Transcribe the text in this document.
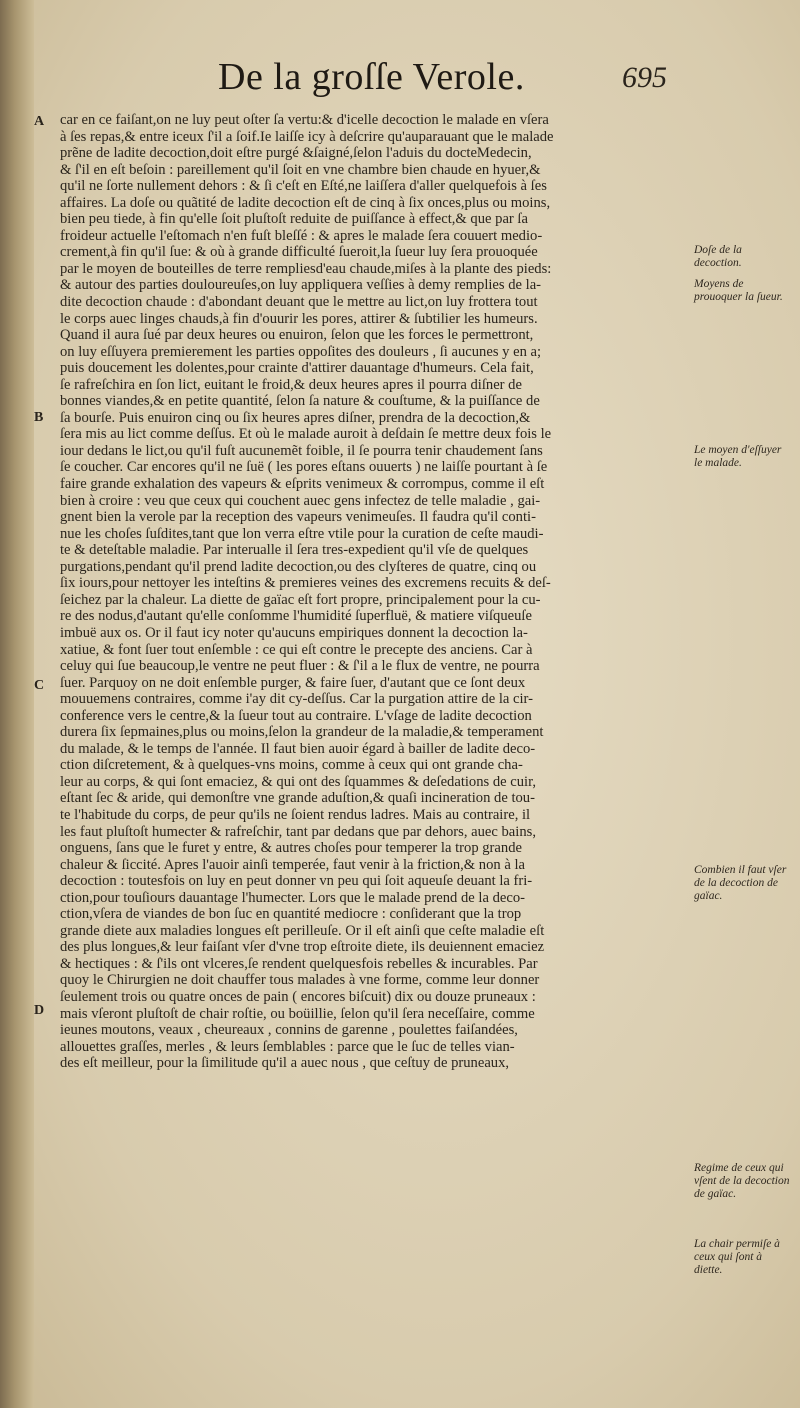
De la groſſe Verole.	695
A
B
C
D
car en ce faiſant,on ne luy peut oſter ſa vertu:& d'icelle decoction le malade en vſera
à ſes repas,& entre iceux ſ'il a ſoif.Ie laiſſe icy à deſcrire qu'auparauant que le malade
prẽne de ladite decoction,doit eſtre purgé &ſaigné,ſelon l'aduis du docteMedecin,
& ſ'il en eſt beſoin : pareillement qu'il ſoit en vne chambre bien chaude en hyuer,&
qu'il ne ſorte nullement dehors : & ſi c'eſt en Eſté,ne laiſſera d'aller quelquefois à ſes
affaires. La doſe ou quãtité de ladite decoction eſt de cinq à ſix onces,plus ou moins,
bien peu tiede, à fin qu'elle ſoit pluſtoſt reduite de puiſſance à effect,& que par ſa
froideur actuelle l'eſtomach n'en fuſt bleſſé : & apres le malade ſera couuert medio-
crement,à fin qu'il ſue: & où à grande difficulté ſueroit,la ſueur luy ſera prouoquée
par le moyen de bouteilles de terre rempliesd'eau chaude,miſes à la plante des pieds:
& autour des parties douloureuſes,on luy appliquera veſſies à demy remplies de la-
dite decoction chaude : d'abondant deuant que le mettre au lict,on luy frottera tout
le corps auec linges chauds,à fin d'ouurir les pores, attirer & ſubtilier les humeurs.
Quand il aura ſué par deux heures ou enuiron, ſelon que les forces le permettront,
on luy eſſuyera premierement les parties oppoſites des douleurs , ſi aucunes y en a;
puis doucement les dolentes,pour crainte d'attirer dauantage d'humeurs. Cela fait,
ſe rafreſchira en ſon lict, euitant le froid,& deux heures apres il pourra diſner de
bonnes viandes,& en petite quantité, ſelon ſa nature & couſtume, & la puiſſance de
ſa bourſe. Puis enuiron cinq ou ſix heures apres diſner, prendra de la decoction,&
ſera mis au lict comme deſſus. Et où le malade auroit à deſdain ſe mettre deux fois le
iour dedans le lict,ou qu'il fuſt aucunemẽt foible, il ſe pourra tenir chaudement ſans
ſe coucher. Car encores qu'il ne ſuë ( les pores eſtans ouuerts ) ne laiſſe pourtant à ſe
faire grande exhalation des vapeurs & eſprits venimeux & corrompus, comme il eſt
bien à croire : veu que ceux qui couchent auec gens infectez de telle maladie , gai-
gnent bien la verole par la reception des vapeurs venimeuſes. Il faudra qu'il conti-
nue les choſes ſuſdites,tant que lon verra eſtre vtile pour la curation de ceſte maudi-
te & deteſtable maladie. Par interualle il ſera tres-expedient qu'il vſe de quelques
purgations,pendant qu'il prend ladite decoction,ou des clyſteres de quatre, cinq ou
ſix iours,pour nettoyer les inteſtins & premieres veines des excremens recuits & deſ-
ſeichez par la chaleur. La diette de gaïac eſt fort propre, principalement pour la cu-
re des nodus,d'autant qu'elle conſomme l'humidité ſuperfluë, & matiere viſqueuſe
imbuë aux os. Or il faut icy noter qu'aucuns empiriques donnent la decoction la-
xatiue, & font ſuer tout enſemble : ce qui eſt contre le precepte des anciens. Car à
celuy qui ſue beaucoup,le ventre ne peut fluer : & ſ'il a le flux de ventre, ne pourra
ſuer. Parquoy on ne doit enſemble purger, & faire ſuer, d'autant que ce ſont deux
mouuemens contraires, comme i'ay dit cy-deſſus. Car la purgation attire de la cir-
conference vers le centre,& la ſueur tout au contraire. L'vſage de ladite decoction
durera ſix ſepmaines,plus ou moins,ſelon la grandeur de la maladie,& temperament
du malade, & le temps de l'année. Il faut bien auoir égard à bailler de ladite deco-
ction diſcretement, & à quelques-vns moins, comme à ceux qui ont grande cha-
leur au corps, & qui ſont emaciez, & qui ont des ſquammes & deſedations de cuir,
eſtant ſec & aride, qui demonſtre vne grande aduſtion,& quaſi incineration de tou-
te l'habitude du corps, de peur qu'ils ne ſoient rendus ladres. Mais au contraire, il
les faut pluſtoſt humecter & rafreſchir, tant par dedans que par dehors, auec bains,
onguens, ſans que le furet y entre, & autres choſes pour temperer la trop grande
chaleur & ſiccité. Apres l'auoir ainſi temperée, faut venir à la friction,& non à la
decoction : toutesfois on luy en peut donner vn peu qui ſoit aqueuſe deuant la fri-
ction,pour touſiours dauantage l'humecter. Lors que le malade prend de la deco-
ction,vſera de viandes de bon ſuc en quantité mediocre : conſiderant que la trop
grande diete aux maladies longues eſt perilleuſe. Or il eſt ainſi que ceſte maladie eſt
des plus longues,& leur faiſant vſer d'vne trop eſtroite diete, ils deuiennent emaciez
& hectiques : & ſ'ils ont vlceres,ſe rendent quelquesfois rebelles & incurables. Par
quoy le Chirurgien ne doit chauffer tous malades à vne forme, comme leur donner
ſeulement trois ou quatre onces de pain ( encores biſcuit) dix ou douze pruneaux :
mais vſeront pluſtoſt de chair roſtie, ou boüillie, ſelon qu'il ſera neceſſaire, comme
ieunes moutons, veaux , cheureaux , connins de garenne , poulettes faiſandées,
allouettes graſſes, merles , & leurs ſemblables : parce que le ſuc de telles vian-
des eſt meilleur, pour la ſimilitude qu'il a auec nous , que ceſtuy de pruneaux,
Doſe de la decoction.
Moyens de prouoquer la ſueur.
Le moyen d'eſſuyer le malade.
Combien il faut vſer de la decoction de gaïac.
Regime de ceux qui vſent de la decoction de gaïac.
La chair permiſe à ceux qui ſont à diette.
